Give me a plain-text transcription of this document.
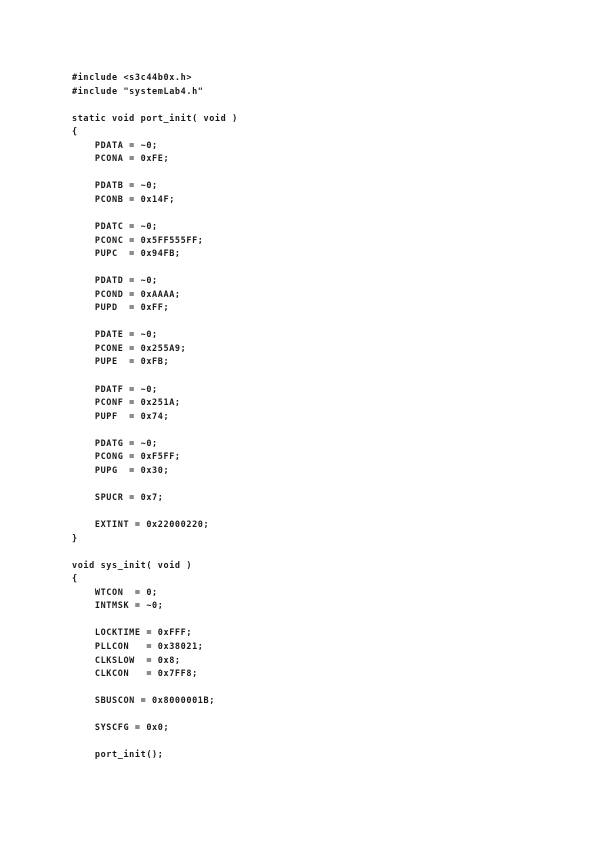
#include <s3c44b0x.h>
#include "systemLab4.h"
static void port_init( void )
{
PDATA = ~0;
PCONA = 0xFE;
PDATB = ~0;
PCONB = 0x14F;
PDATC = ~0;
PCONC = 0x5FF555FF;
PUPC  = 0x94FB;
PDATD = ~0;
PCOND = 0xAAAA;
PUPD  = 0xFF;
PDATE = ~0;
PCONE = 0x255A9;
PUPE  = 0xFB;
PDATF = ~0;
PCONF = 0x251A;
PUPF  = 0x74;
PDATG = ~0;
PCONG = 0xF5FF;
PUPG  = 0x30;
SPUCR = 0x7;
EXTINT = 0x22000220;
}
void sys_init( void )
{
WTCON  = 0;
INTMSK = ~0;
LOCKTIME = 0xFFF;
PLLCON   = 0x38021;
CLKSLOW  = 0x8;
CLKCON   = 0x7FF8;
SBUSCON = 0x8000001B;
SYSCFG = 0x0;
port_init();
